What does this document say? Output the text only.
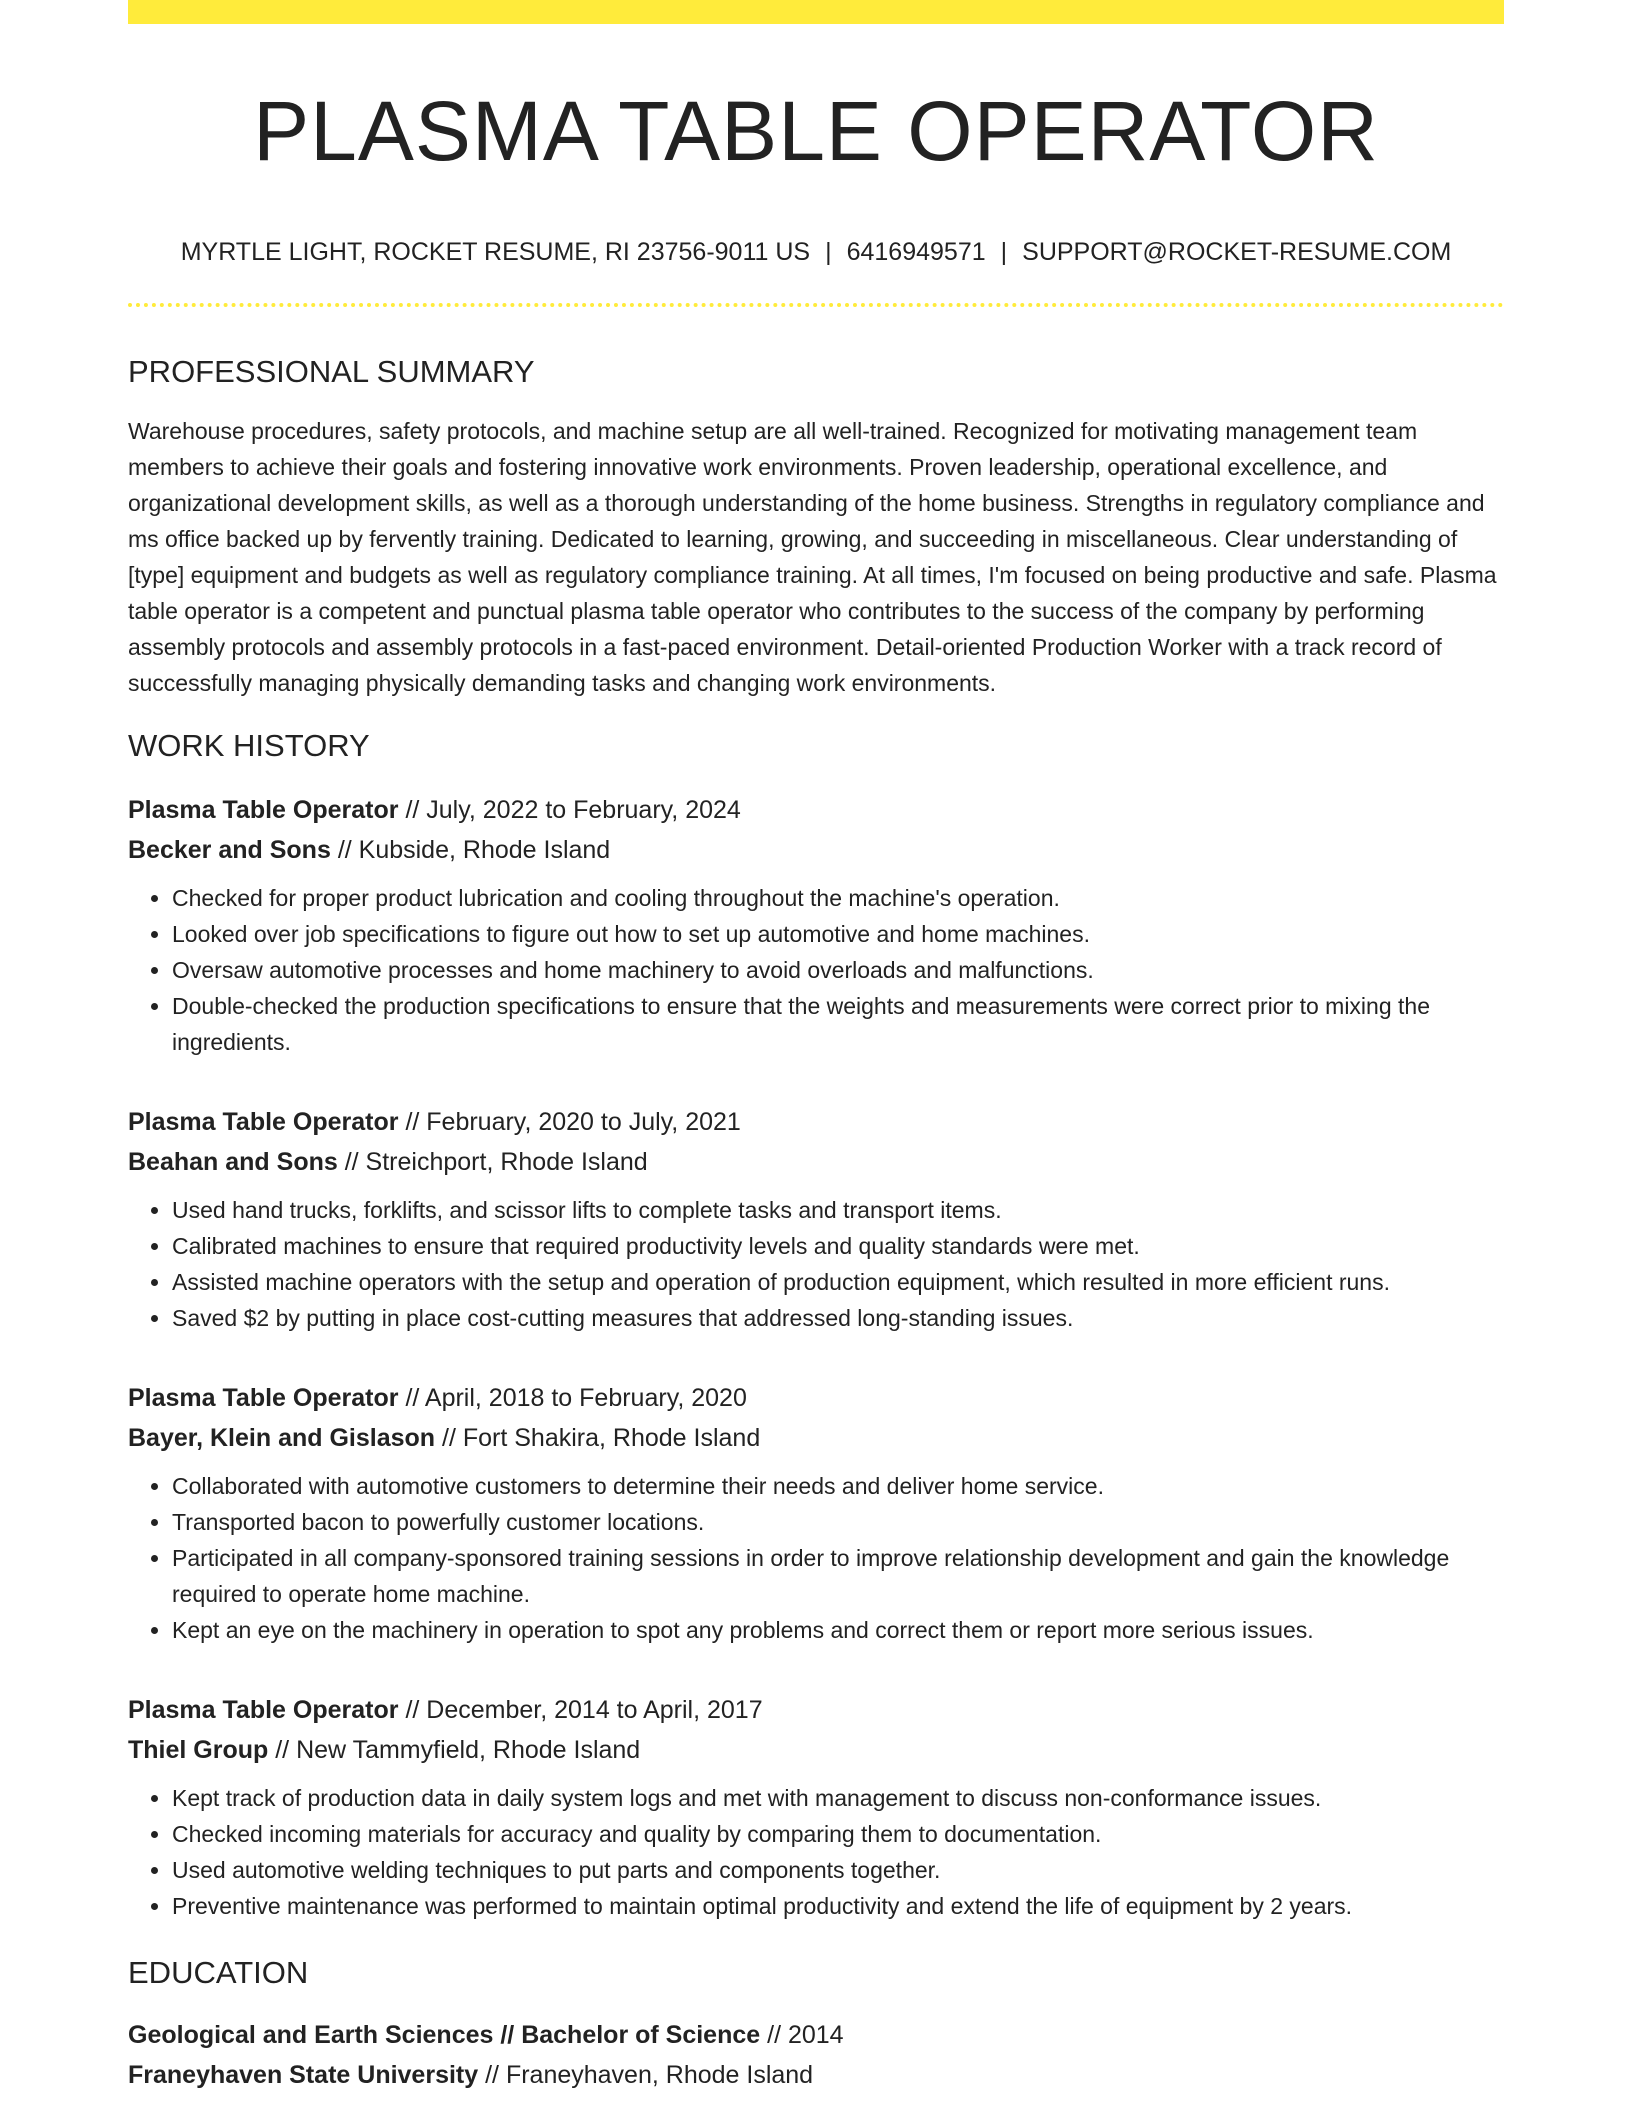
PLASMA TABLE OPERATOR
MYRTLE LIGHT, ROCKET RESUME, RI 23756-9011 US | 6416949571 | SUPPORT@ROCKET-RESUME.COM
PROFESSIONAL SUMMARY
Warehouse procedures, safety protocols, and machine setup are all well-trained. Recognized for motivating management team members to achieve their goals and fostering innovative work environments. Proven leadership, operational excellence, and organizational development skills, as well as a thorough understanding of the home business. Strengths in regulatory compliance and ms office backed up by fervently training. Dedicated to learning, growing, and succeeding in miscellaneous. Clear understanding of [type] equipment and budgets as well as regulatory compliance training. At all times, I'm focused on being productive and safe. Plasma table operator is a competent and punctual plasma table operator who contributes to the success of the company by performing assembly protocols and assembly protocols in a fast-paced environment. Detail-oriented Production Worker with a track record of successfully managing physically demanding tasks and changing work environments.
WORK HISTORY
Plasma Table Operator // July, 2022 to February, 2024
Becker and Sons // Kubside, Rhode Island
• Checked for proper product lubrication and cooling throughout the machine's operation.
• Looked over job specifications to figure out how to set up automotive and home machines.
• Oversaw automotive processes and home machinery to avoid overloads and malfunctions.
• Double-checked the production specifications to ensure that the weights and measurements were correct prior to mixing the ingredients.
Plasma Table Operator // February, 2020 to July, 2021
Beahan and Sons // Streichport, Rhode Island
• Used hand trucks, forklifts, and scissor lifts to complete tasks and transport items.
• Calibrated machines to ensure that required productivity levels and quality standards were met.
• Assisted machine operators with the setup and operation of production equipment, which resulted in more efficient runs.
• Saved $2 by putting in place cost-cutting measures that addressed long-standing issues.
Plasma Table Operator // April, 2018 to February, 2020
Bayer, Klein and Gislason // Fort Shakira, Rhode Island
• Collaborated with automotive customers to determine their needs and deliver home service.
• Transported bacon to powerfully customer locations.
• Participated in all company-sponsored training sessions in order to improve relationship development and gain the knowledge required to operate home machine.
• Kept an eye on the machinery in operation to spot any problems and correct them or report more serious issues.
Plasma Table Operator // December, 2014 to April, 2017
Thiel Group // New Tammyfield, Rhode Island
• Kept track of production data in daily system logs and met with management to discuss non-conformance issues.
• Checked incoming materials for accuracy and quality by comparing them to documentation.
• Used automotive welding techniques to put parts and components together.
• Preventive maintenance was performed to maintain optimal productivity and extend the life of equipment by 2 years.
EDUCATION
Geological and Earth Sciences // Bachelor of Science // 2014
Franeyhaven State University // Franeyhaven, Rhode Island
